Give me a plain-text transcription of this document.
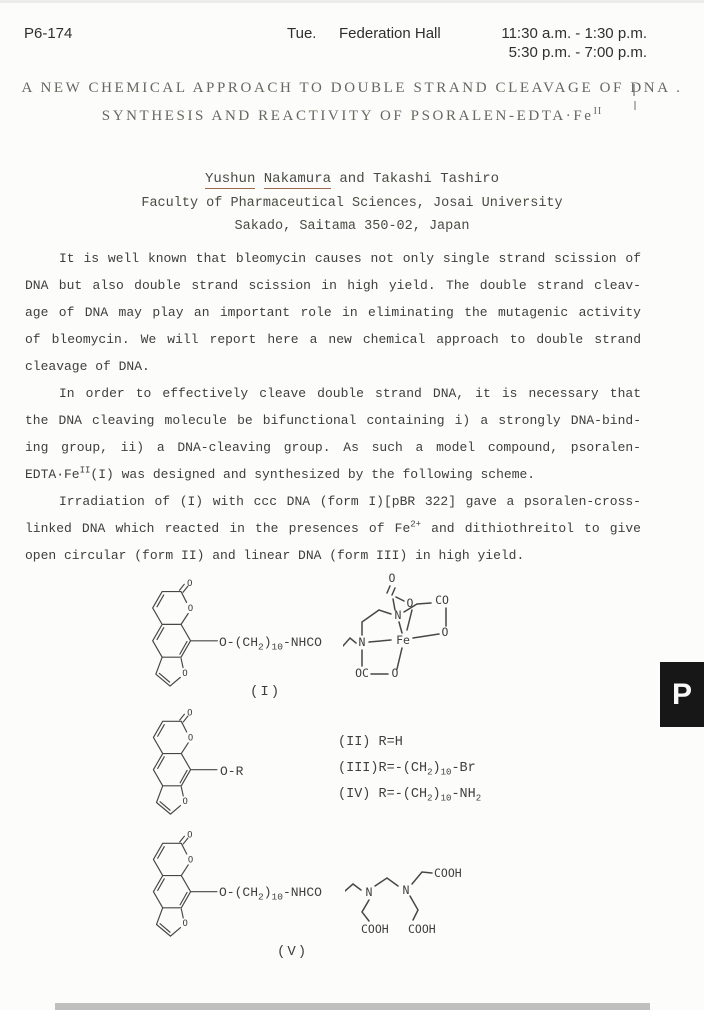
P6-174	Tue. Federation Hall	11:30 a.m. - 1:30 p.m.
5:30 p.m. - 7:00 p.m.
A NEW CHEMICAL APPROACH TO DOUBLE STRAND CLEAVAGE OF DNA .
SYNTHESIS AND REACTIVITY OF PSORALEN-$EDTA\cdot Fe^{II}$
Yushun Nakamura and Takashi Tashiro
Faculty of Pharmaceutical Sciences, Josai University
Sakado, Saitama 350-02, Japan
It is well known that bleomycin causes not only single strand scission of
DNA but also double strand scission in high yield. The double strand cleav-
age of DNA may play an important role in eliminating the mutagenic activity
of bleomycin. We will report here a new chemical approach to double strand
cleavage of DNA.
In order to effectively cleave double strand DNA, it is necessary that
the DNA cleaving molecule be bifunctional containing i) a strongly DNA-bind-
ing group, ii) a DNA-cleaving group. As such a model compound, psoralen-
$EDTA\cdot Fe^{II}(I)$ was designed and synthesized by the following scheme.
Irradiation of (I) with ccc DNA (form I)[pBR 322] gave a psoralen-cross-
linked DNA which reacted in the presences of $Fe^{2+}$ and dithiothreitol to give
open circular (form II) and linear DNA (form III) in high yield.
O
O
O
$O-(CH_2)_{10}$-NHCO	N
N
O
O CO
O
Fe
OC O
(I)
O
O
O
O-R
(II) R=H
$(III)R=-(CH_2)_{10}-Br$
(IV) $R=-(CH_2)_{10}-NH_2$
O
O
O
$O-(CH_2)_{10}$-NHCO	N	N
COOH
COOH
COOH
(V)
P
